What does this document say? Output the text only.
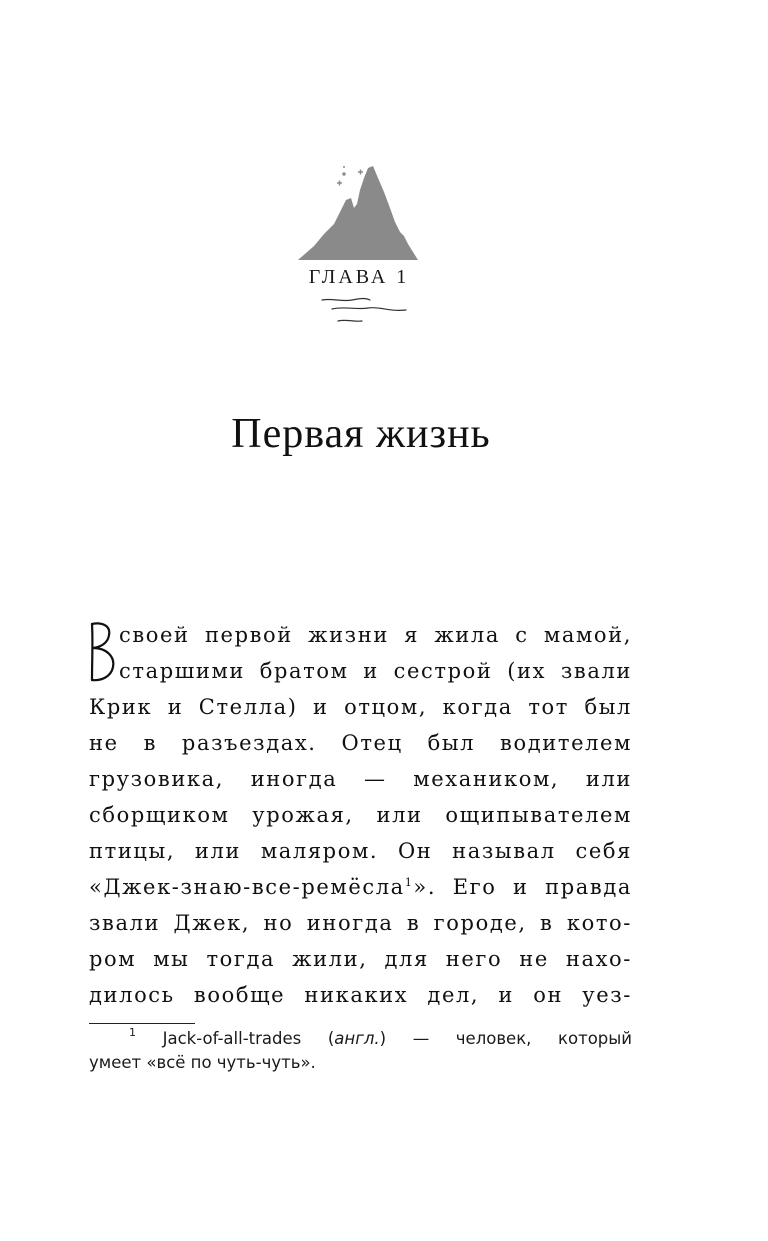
ГЛАВА 1
Первая жизнь
В
своей первой жизни я жила с мамой,
старшими братом и сестрой (их звали
Крик и Стелла) и отцом, когда тот был
не в разъездах. Отец был водителем
грузовика, иногда — механиком, или
сборщиком урожая, или ощипывателем
птицы, или маляром. Он называл себя
«Джек-знаю-все-ремёсла$^1$». Его и правда
звали Джек, но иногда в городе, в кото-
ром мы тогда жили, для него не нахо-
дилось вообще никаких дел, и он уез-
$^1$ Jack-of-all-trades (англ.) — человек, который
умеет «всё по чуть-чуть».
